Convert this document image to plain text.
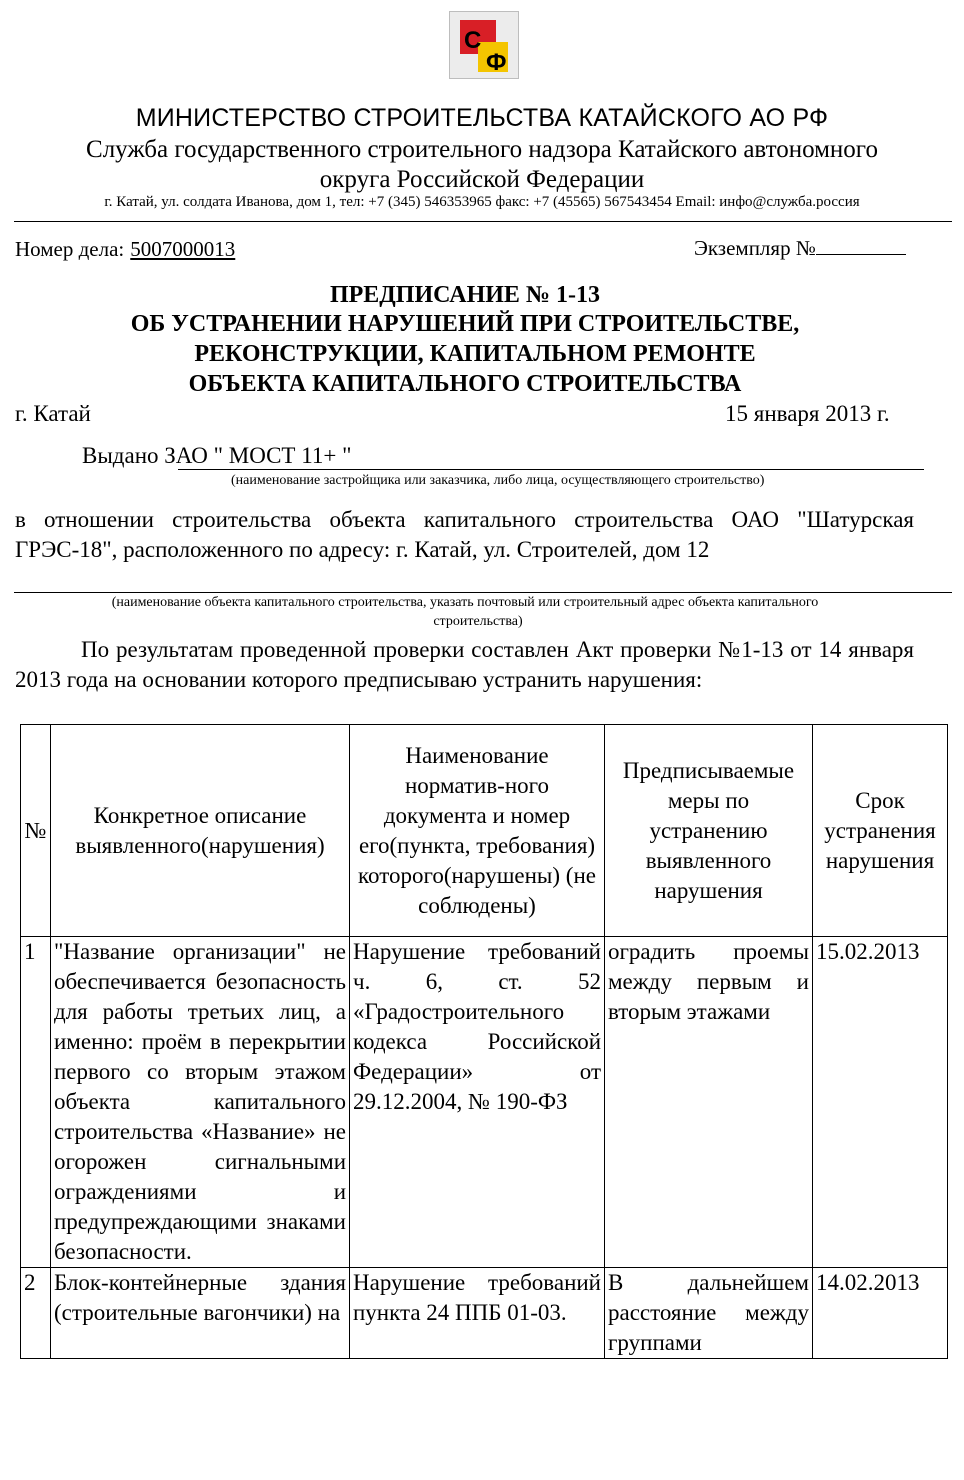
С
Ф
МИНИСТЕРСТВО СТРОИТЕЛЬСТВА КАТАЙСКОГО АО РФ
Служба государственного строительного надзора Катайского автономного
округа Российской Федерации
г. Катай, ул. солдата Иванова, дом 1, тел: +7 (345) 546353965 факс: +7 (45565) 567543454 Email: инфо@служба.россия
Номер дела: 5007000013	Экземпляр №
ПРЕДПИСАНИЕ № 1-13
ОБ УСТРАНЕНИИ НАРУШЕНИЙ ПРИ СТРОИТЕЛЬСТВЕ,
РЕКОНСТРУКЦИИ, КАПИТАЛЬНОМ РЕМОНТЕ
ОБЪЕКТА КАПИТАЛЬНОГО СТРОИТЕЛЬСТВА
г. Катай	15 января 2013 г.
Выдано ЗАО " МОСТ 11+ "
(наименование застройщика или заказчика, либо лица, осуществляющего строительство)
в отношении строительства объекта капитального строительства ОАО "Шатурская ГРЭС-18", расположенного по адресу: г. Катай, ул. Строителей, дом 12
(наименование объекта капитального строительства, указать почтовый или строительный адрес объекта капитального
строительства)
По результатам проведенной проверки составлен Акт проверки №1-13 от 14 января 2013 года на основании которого предписываю устранить нарушения:
№	Конкретное описание выявленного(нарушения)	Наименование норматив-ного документа и номер его(пункта, требования) которого(нарушены) (не соблюдены)	Предписываемые меры по устранению выявленного нарушения	Срок устранения нарушения
1	"Название организации" не обеспечивается безопасность для работы третьих лиц, а именно: проём в перекрытии первого со вторым этажом объекта капитального строительства «Название» не огорожен сигнальными ограждениями и предупреждающими знаками безопасности.	Нарушение требований ч. 6, ст. 52 «Градостроительного кодекса Российской Федерации» от 29.12.2004, № 190-ФЗ	оградить проемы между первым и вторым этажами	15.02.2013
2	Блок-контейнерные здания (строительные вагончики) на	Нарушение требований пункта 24 ППБ 01-03.	В дальнейшем расстояние между группами	14.02.2013
